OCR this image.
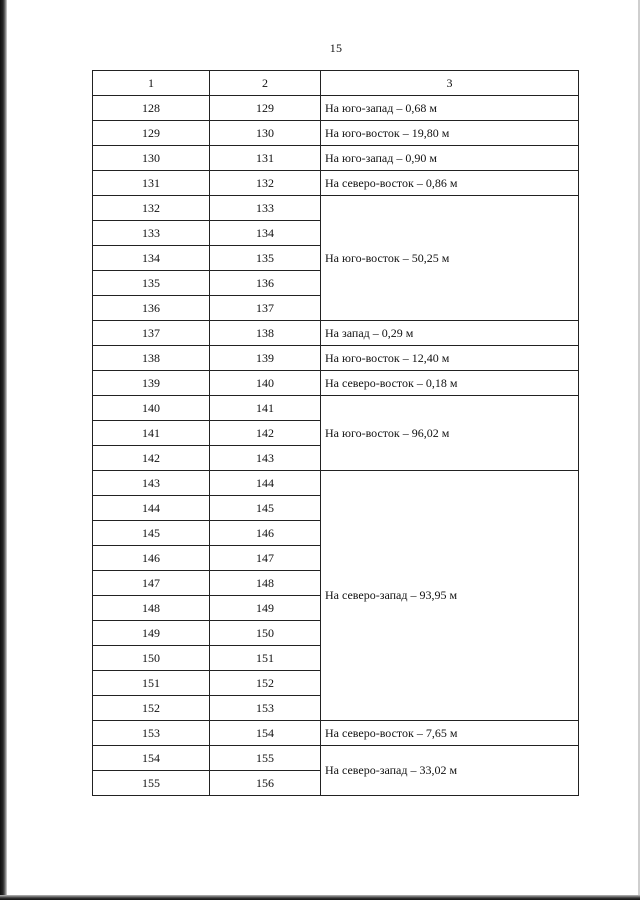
15
1	2	3
128	129	На юго-запад – 0,68 м
129	130	На юго-восток – 19,80 м
130	131	На юго-запад – 0,90 м
131	132	На северо-восток – 0,86 м
132	133	На юго-восток – 50,25 м
133	134	
134	135	
135	136	
136	137	
137	138	На запад – 0,29 м
138	139	На юго-восток – 12,40 м
139	140	На северо-восток – 0,18 м
140	141	На юго-восток – 96,02 м
141	142	
142	143	
143	144	На северо-запад – 93,95 м
144	145	
145	146	
146	147	
147	148	
148	149	
149	150	
150	151	
151	152	
152	153	
153	154	На северо-восток – 7,65 м
154	155	На северо-запад – 33,02 м
155	156	
